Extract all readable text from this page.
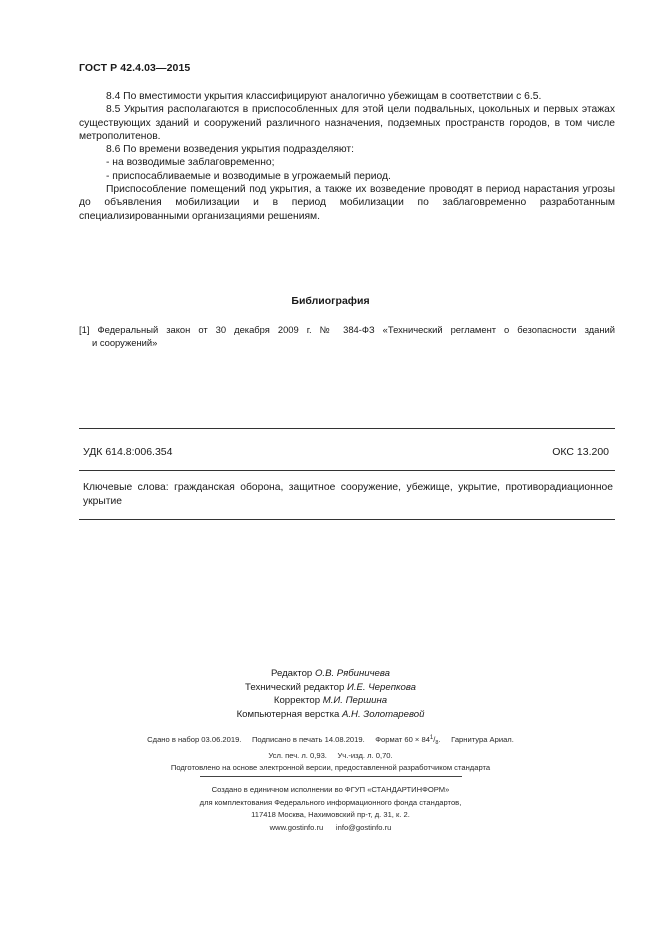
ГОСТ Р 42.4.03—2015

8.4 По вместимости укрытия классифицируют аналогично убежищам в соответствии с 6.5.

8.5 Укрытия располагаются в приспособленных для этой цели подвальных, цокольных и первых этажах существующих зданий и сооружений различного назначения, подземных пространств городов, в том числе метрополитенов.

8.6 По времени возведения укрытия подразделяют:

- на возводимые заблаговременно;

- приспосабливаемые и возводимые в угрожаемый период.

Приспособление помещений под укрытия, а также их возведение проводят в период нарастания угрозы до объявления мобилизации и в период мобилизации по заблаговременно разработанным специализированными организациями решениям.

Библиография
[1] Федеральный закон от 30 декабря 2009 г. № 384-ФЗ «Технический регламент о безопасности зданий
и сооружений»
УДК 614.8:006.354	ОКС 13.200
Ключевые слова: гражданская оборона, защитное сооружение, убежище, укрытие, противорадиационное укрытие
Редактор О.В. Рябиничева
Технический редактор И.Е. Черепкова
Корректор М.И. Першина
Компьютерная верстка А.Н. Золотаревой
Сдано в набор 03.06.2019. Подписано в печать 14.08.2019. Формат $60 \times 84^1/_8$. Гарнитура Ариал.
Усл. печ. л. 0,93. Уч.-изд. л. 0,70.
Подготовлено на основе электронной версии, предоставленной разработчиком стандарта
Создано в единичном исполнении во ФГУП «СТАНДАРТИНФОРМ»
для комплектования Федерального информационного фонда стандартов,
117418 Москва, Нахимовский пр-т, д. 31, к. 2.
www.gostinfo.ru info@gostinfo.ru
